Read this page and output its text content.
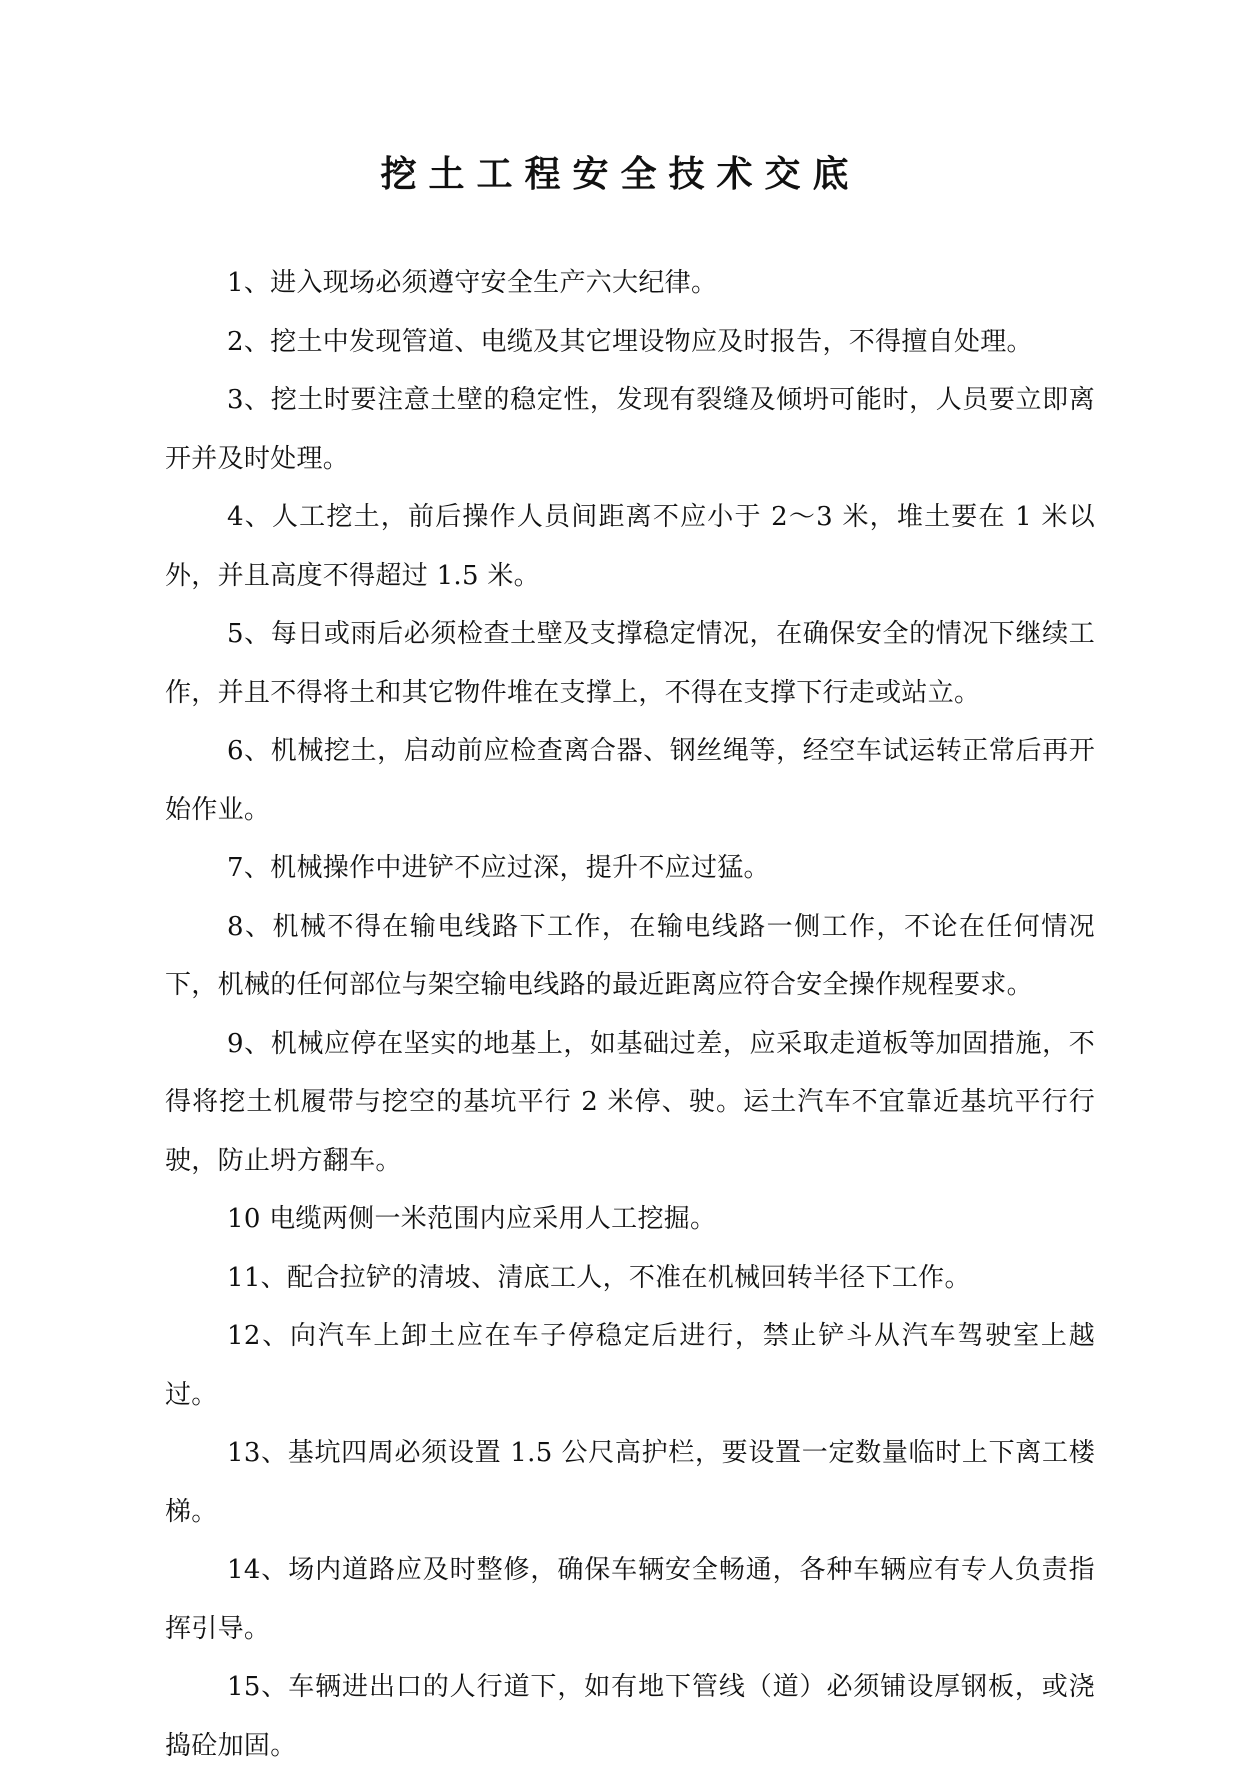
挖土工程安全技术交底

1、进入现场必须遵守安全生产六大纪律。

2、挖土中发现管道、电缆及其它埋设物应及时报告，不得擅自处理。

3、挖土时要注意土壁的稳定性，发现有裂缝及倾坍可能时，人员要立即离开并及时处理。

4、人工挖土，前后操作人员间距离不应小于 2～3 米，堆土要在 1 米以外，并且高度不得超过 1.5 米。

5、每日或雨后必须检查土壁及支撑稳定情况，在确保安全的情况下继续工作，并且不得将土和其它物件堆在支撑上，不得在支撑下行走或站立。

6、机械挖土，启动前应检查离合器、钢丝绳等，经空车试运转正常后再开始作业。

7、机械操作中进铲不应过深，提升不应过猛。

8、机械不得在输电线路下工作，在输电线路一侧工作，不论在任何情况下，机械的任何部位与架空输电线路的最近距离应符合安全操作规程要求。

9、机械应停在坚实的地基上，如基础过差，应采取走道板等加固措施，不得将挖土机履带与挖空的基坑平行 2 米停、驶。运土汽车不宜靠近基坑平行行驶，防止坍方翻车。

10 电缆两侧一米范围内应采用人工挖掘。

11、配合拉铲的清坡、清底工人，不准在机械回转半径下工作。

12、向汽车上卸土应在车子停稳定后进行，禁止铲斗从汽车驾驶室上越过。

13、基坑四周必须设置 1.5 公尺高护栏，要设置一定数量临时上下离工楼梯。

14、场内道路应及时整修，确保车辆安全畅通，各种车辆应有专人负责指挥引导。

15、车辆进出口的人行道下，如有地下管线（道）必须铺设厚钢板，或浇捣砼加固。
